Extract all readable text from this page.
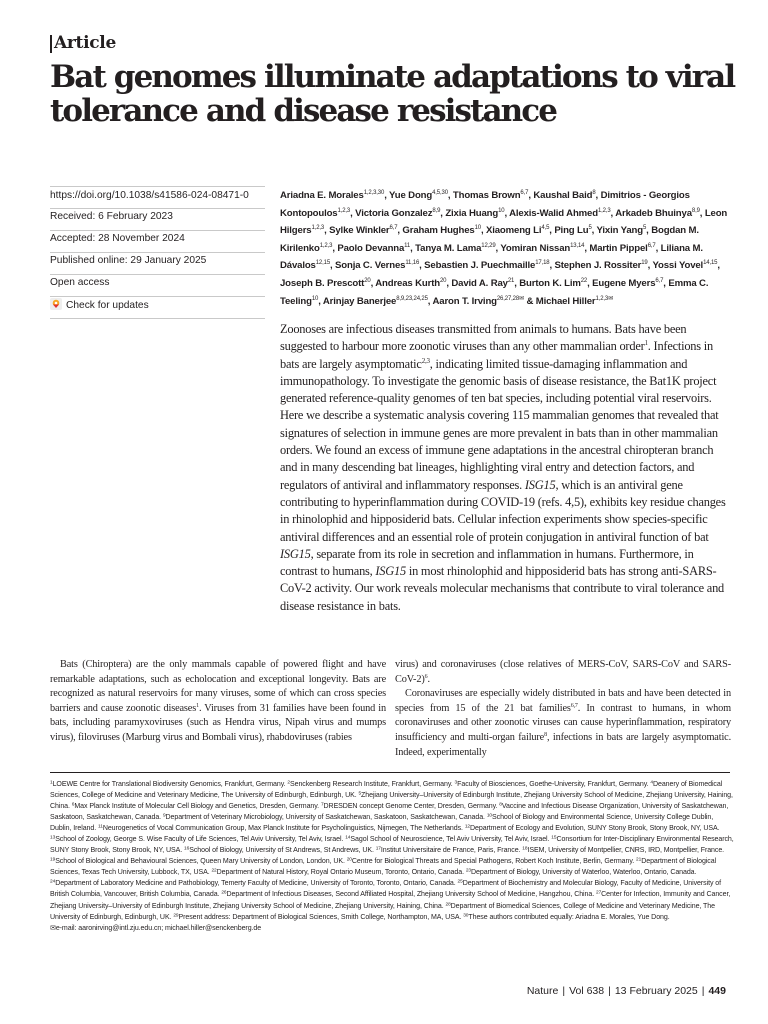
Article
Bat genomes illuminate adaptations to viral tolerance and disease resistance
https://doi.org/10.1038/s41586-024-08471-0
Received: 6 February 2023
Accepted: 28 November 2024
Published online: 29 January 2025
Open access
Check for updates
Ariadna E. Morales$^{1,2,3,30}$, Yue Dong$^{4,5,30}$, Thomas Brown$^{6,7}$, Kaushal Baid$^8$, Dimitrios - Georgios Kontopoulos$^{1,2,3}$, Victoria Gonzalez$^{8,9}$, Zixia Huang$^{10}$, Alexis-Walid Ahmed$^{1,2,3}$, Arkadeb Bhuinya$^{8,9}$, Leon Hilgers$^{1,2,3}$, Sylke Winkler$^{6,7}$, Graham Hughes$^{10}$, Xiaomeng Li$^{4,5}$, Ping Lu$^5$, Yixin Yang$^5$, Bogdan M. Kirilenko$^{1,2,3}$, Paolo Devanna$^{11}$, Tanya M. Lama$^{12,29}$, Yomiran Nissan$^{13,14}$, Martin Pippel$^{6,7}$, Liliana M. Dávalos$^{12,15}$, Sonja C. Vernes$^{11,16}$, Sebastien J. Puechmaille$^{17,18}$, Stephen J. Rossiter$^{19}$, Yossi Yovel$^{14,15}$, Joseph B. Prescott$^{20}$, Andreas Kurth$^{20}$, David A. Ray$^{21}$, Burton K. Lim$^{22}$, Eugene Myers$^{6,7}$, Emma C. Teeling$^{10}$, Arinjay Banerjee$^{8,9,23,24,25}$, Aaron T. Irving$^{26,27,28✉}$ & Michael Hiller$^{1,2,3✉}$

Zoonoses are infectious diseases transmitted from animals to humans. Bats have been suggested to harbour more zoonotic viruses than any other mammalian order$^1$. Infections in bats are largely asymptomatic$^{2,3}$, indicating limited tissue-damaging inflammation and immunopathology. To investigate the genomic basis of disease resistance, the Bat1K project generated reference-quality genomes of ten bat species, including potential viral reservoirs. Here we describe a systematic analysis covering 115 mammalian genomes that revealed that signatures of selection in immune genes are more prevalent in bats than in other mammalian orders. We found an excess of immune gene adaptations in the ancestral chiropteran branch and in many descending bat lineages, highlighting viral entry and detection factors, and regulators of antiviral and inflammatory responses. ISG15, which is an antiviral gene contributing to hyperinflammation during COVID-19 (refs. 4,5), exhibits key residue changes in rhinolophid and hipposiderid bats. Cellular infection experiments show species-specific antiviral differences and an essential role of protein conjugation in antiviral function of bat ISG15, separate from its role in secretion and inflammation in humans. Furthermore, in contrast to humans, ISG15 in most rhinolophid and hipposiderid bats has strong anti-SARS-CoV-2 activity. Our work reveals molecular mechanisms that contribute to viral tolerance and disease resistance in bats.

Bats (Chiroptera) are the only mammals capable of powered flight and have remarkable adaptations, such as echolocation and exceptional longevity. Bats are recognized as natural reservoirs for many viruses, some of which can cross species barriers and cause zoonotic diseases$^1$. Viruses from 31 families have been found in bats, including paramyxoviruses (such as Hendra virus, Nipah virus and mumps virus), filoviruses (Marburg virus and Bombali virus), rhabdoviruses (rabies

virus) and coronaviruses (close relatives of MERS-CoV, SARS-CoV and SARS-CoV-2)$^6$.

Coronaviruses are especially widely distributed in bats and have been detected in species from 15 of the 21 bat families$^{6,7}$. In contrast to humans, in whom coronaviruses and other zoonotic viruses can cause hyperinflammation, respiratory insufficiency and multi-organ failure$^8$, infections in bats are largely asymptomatic. Indeed, experimentally

$^1$LOEWE Centre for Translational Biodiversity Genomics, Frankfurt, Germany. $^2$Senckenberg Research Institute, Frankfurt, Germany. $^3$Faculty of Biosciences, Goethe-University, Frankfurt, Germany. $^4$Deanery of Biomedical Sciences, College of Medicine and Veterinary Medicine, The University of Edinburgh, Edinburgh, UK. $^5$Zhejiang University–University of Edinburgh Institute, Zhejiang University School of Medicine, Zhejiang University, Haining, China. $^6$Max Planck Institute of Molecular Cell Biology and Genetics, Dresden, Germany. $^7$DRESDEN concept Genome Center, Dresden, Germany. $^8$Vaccine and Infectious Disease Organization, University of Saskatchewan, Saskatoon, Saskatchewan, Canada. $^9$Department of Veterinary Microbiology, University of Saskatchewan, Saskatoon, Saskatchewan, Canada. $^{10}$School of Biology and Environmental Science, University College Dublin, Dublin, Ireland. $^{11}$Neurogenetics of Vocal Communication Group, Max Planck Institute for Psycholinguistics, Nijmegen, The Netherlands. $^{12}$Department of Ecology and Evolution, SUNY Stony Brook, Stony Brook, NY, USA. $^{13}$School of Zoology, George S. Wise Faculty of Life Sciences, Tel Aviv University, Tel Aviv, Israel. $^{14}$Sagol School of Neuroscience, Tel Aviv University, Tel Aviv, Israel. $^{15}$Consortium for Inter-Disciplinary Environmental Research, SUNY Stony Brook, Stony Brook, NY, USA. $^{16}$School of Biology, University of St Andrews, St Andrews, UK. $^{17}$Institut Universitaire de France, Paris, France. $^{18}$ISEM, University of Montpellier, CNRS, IRD, Montpellier, France. $^{19}$School of Biological and Behavioural Sciences, Queen Mary University of London, London, UK. $^{20}$Centre for Biological Threats and Special Pathogens, Robert Koch Institute, Berlin, Germany. $^{21}$Department of Biological Sciences, Texas Tech University, Lubbock, TX, USA. $^{22}$Department of Natural History, Royal Ontario Museum, Toronto, Ontario, Canada. $^{23}$Department of Biology, University of Waterloo, Waterloo, Ontario, Canada. $^{24}$Department of Laboratory Medicine and Pathobiology, Temerty Faculty of Medicine, University of Toronto, Toronto, Ontario, Canada. $^{25}$Department of Biochemistry and Molecular Biology, Faculty of Medicine, University of British Columbia, Vancouver, British Columbia, Canada. $^{26}$Department of Infectious Diseases, Second Affiliated Hospital, Zhejiang University School of Medicine, Hangzhou, China. $^{27}$Center for Infection, Immunity and Cancer, Zhejiang University–University of Edinburgh Institute, Zhejiang University School of Medicine, Zhejiang University, Haining, China. $^{28}$Department of Biomedical Sciences, College of Medicine and Veterinary Medicine, The University of Edinburgh, Edinburgh, UK. $^{29}$Present address: Department of Biological Sciences, Smith College, Northampton, MA, USA. $^{30}$These authors contributed equally: Ariadna E. Morales, Yue Dong.
✉e-mail: aaronirving@intl.zju.edu.cn; michael.hiller@senckenberg.de

Nature | Vol 638 | 13 February 2025 | 449
